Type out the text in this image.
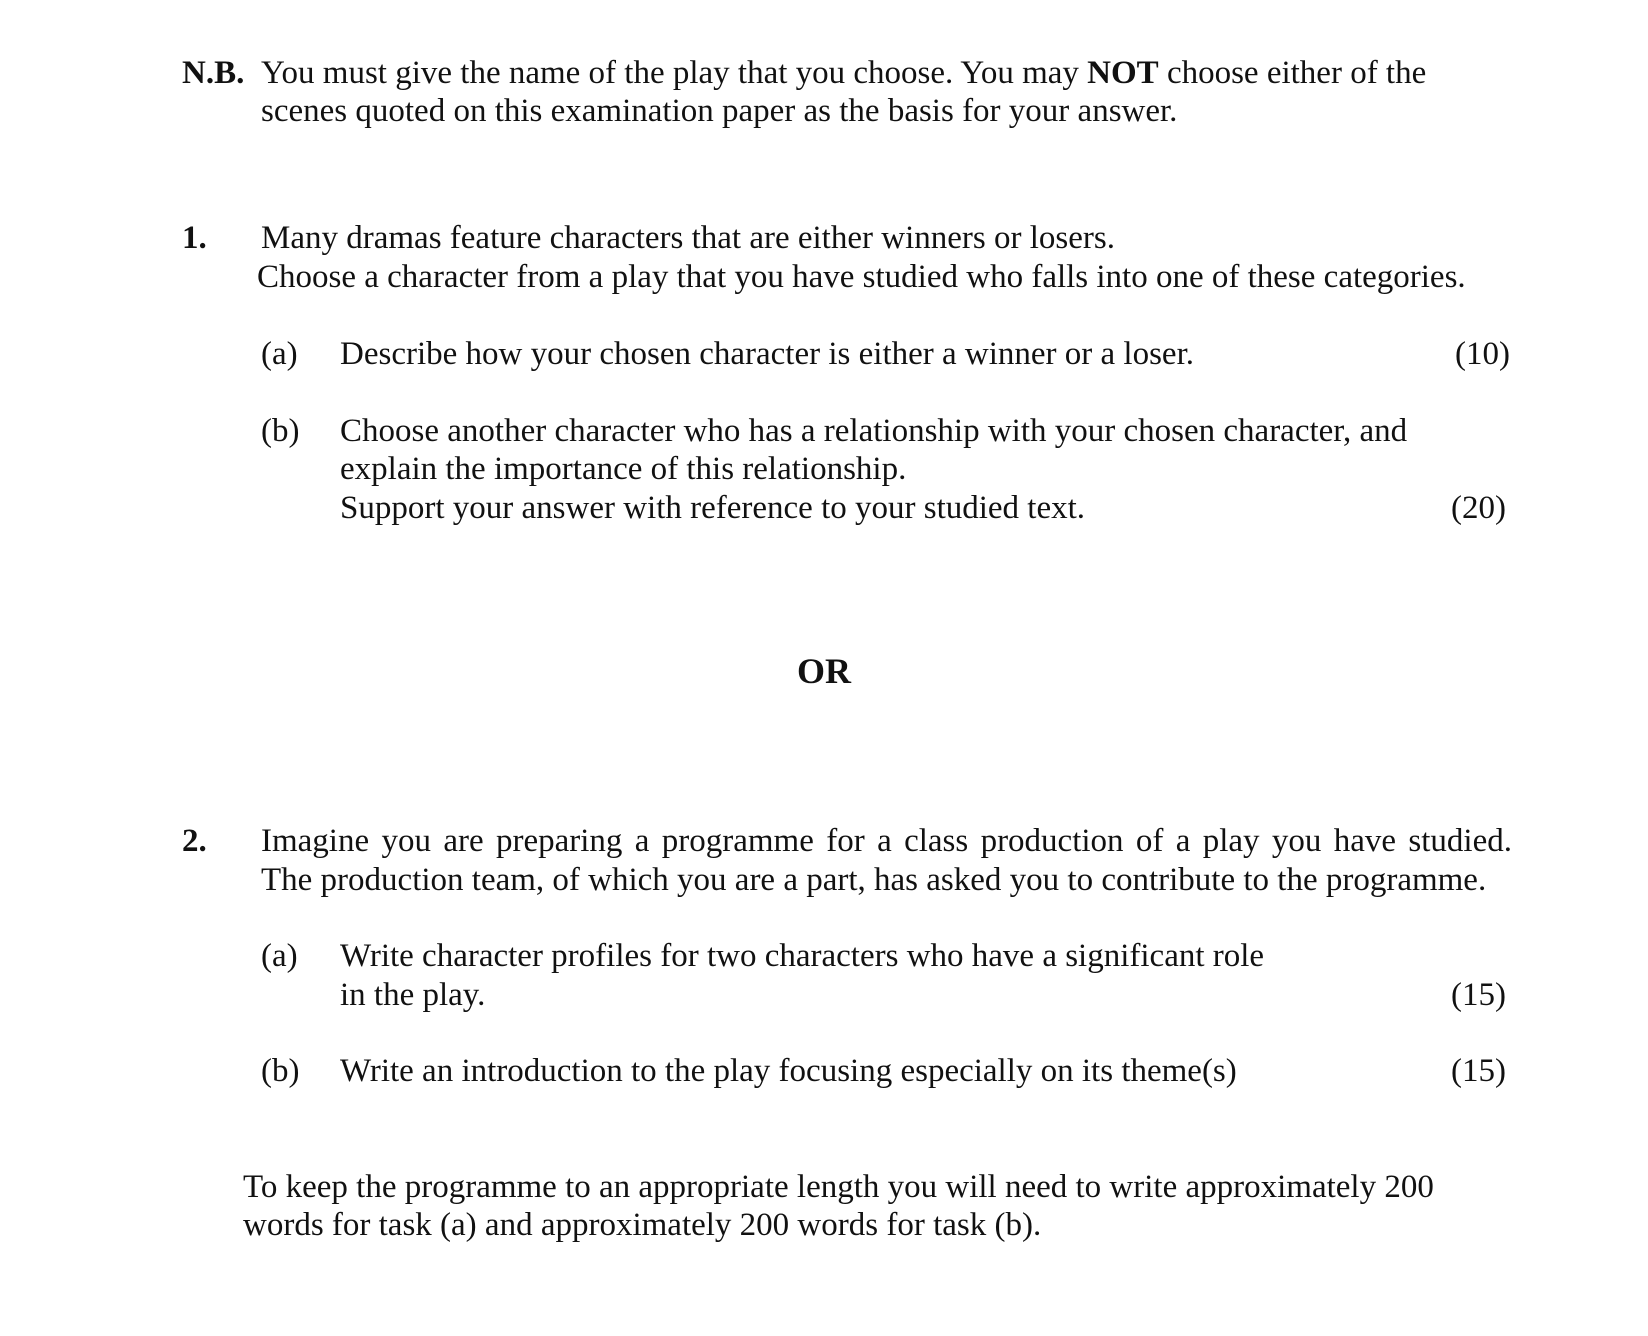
N.B. You must give the name of the play that you choose. You may NOT choose either of the
scenes quoted on this examination paper as the basis for your answer.
1. Many dramas feature characters that are either winners or losers.
Choose a character from a play that you have studied who falls into one of these categories.
(a) Describe how your chosen character is either a winner or a loser.	(10)
(b) Choose another character who has a relationship with your chosen character, and
explain the importance of this relationship.
Support your answer with reference to your studied text.	(20)
OR
2. Imagine you are preparing a programme for a class production of a play you have studied.
The production team, of which you are a part, has asked you to contribute to the programme.
(a) Write character profiles for two characters who have a significant role
in the play.	(15)
(b) Write an introduction to the play focusing especially on its theme(s)	(15)
To keep the programme to an appropriate length you will need to write approximately 200
words for task (a) and approximately 200 words for task (b).
